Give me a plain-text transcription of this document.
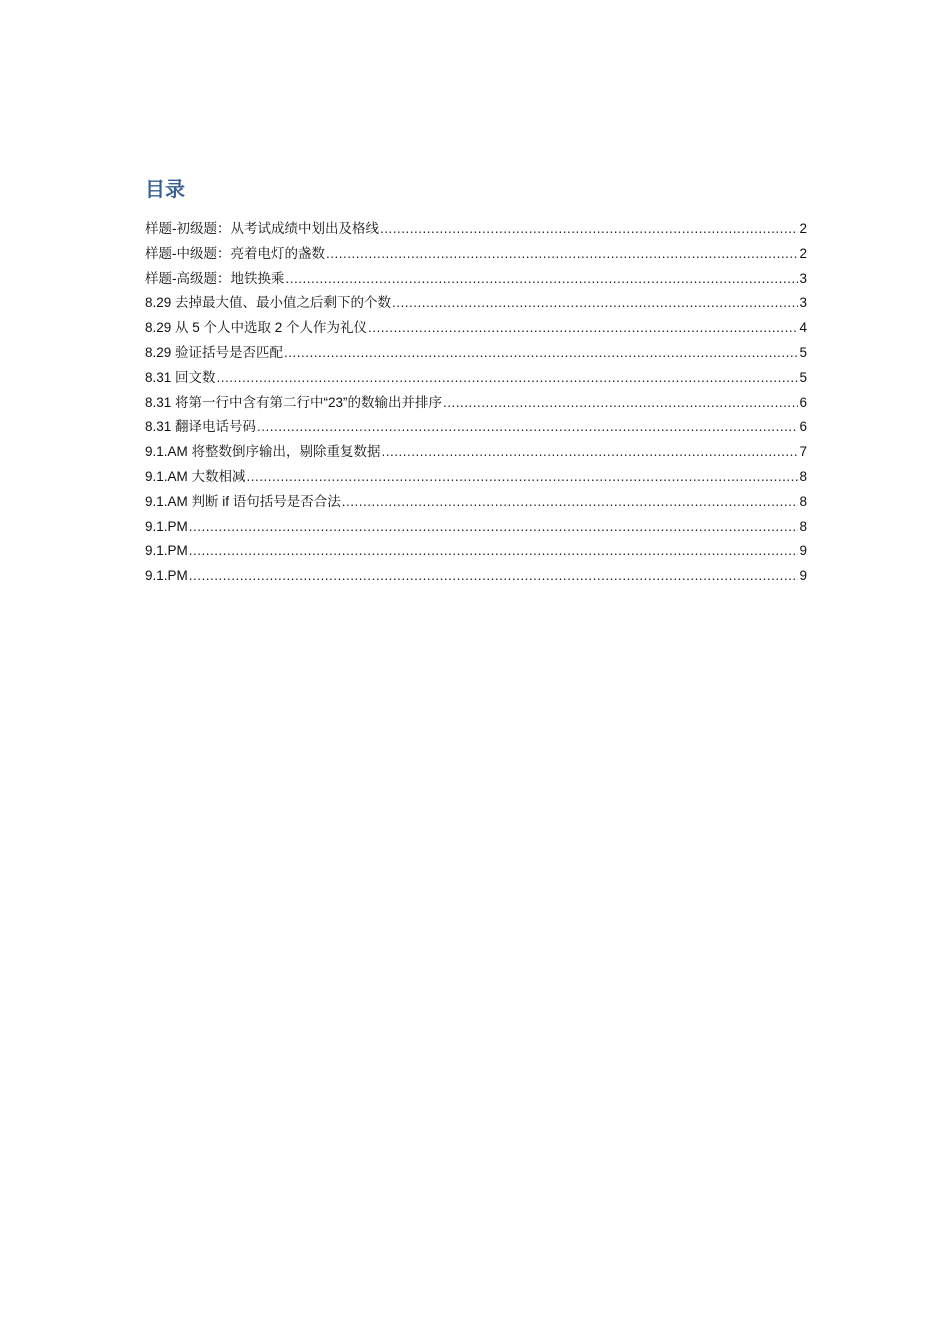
目录
样题-初级题：从考试成绩中划出及格线 .....	2
样题-中级题：亮着电灯的盏数 .....	2
样题-高级题：地铁换乘 .....	3
8.29 去掉最大值、最小值之后剩下的个数 .....	3
8.29 从 5 个人中选取 2 个人作为礼仪 .....	4
8.29 验证括号是否匹配 .....	5
8.31 回文数 .....	5
8.31 将第一行中含有第二行中“23”的数输出并排序 .....	6
8.31 翻译电话号码 .....	6
9.1.AM 将整数倒序输出，剔除重复数据 .....	7
9.1.AM 大数相减 .....	8
9.1.AM 判断 if 语句括号是否合法 .....	8
9.1.PM .....	8
9.1.PM .....	9
9.1.PM .....	9
